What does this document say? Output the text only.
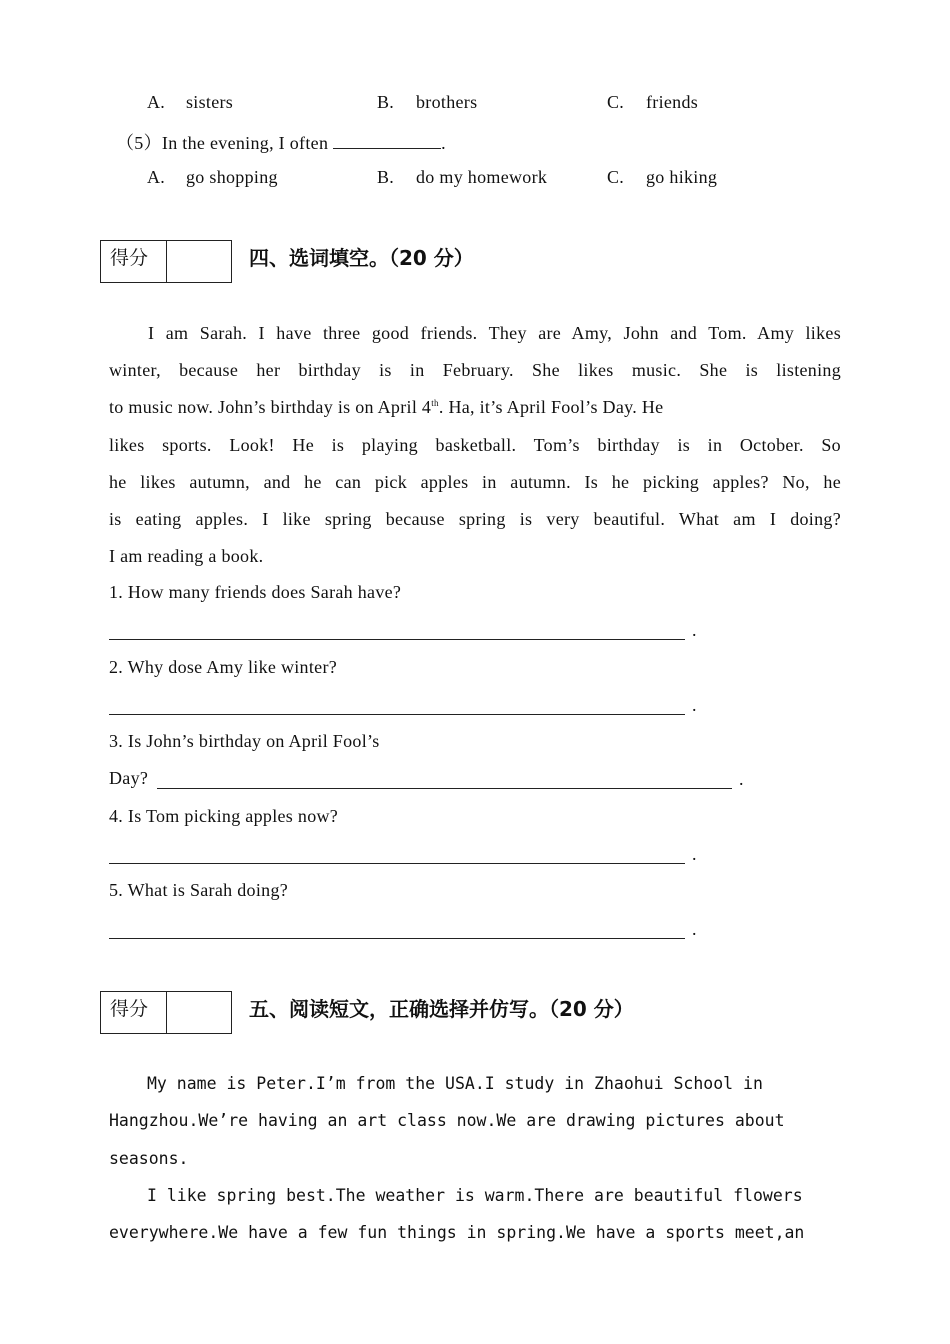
A. sisters	B. brothers	C. friends
（5）In the evening, I often	.
A. go shopping	B. do my homework	C. go hiking
得分	四、选词填空。（20 分）
I am Sarah. I have three good friends. They are Amy, John and Tom. Amy likes
winter, because her birthday is in February. She likes music. She is listening
to music now. John’s birthday is on April 4th. Ha, it’s April Fool’s Day. He
likes sports. Look! He is playing basketball. Tom’s birthday is in October. So
he likes autumn, and he can pick apples in autumn. Is he picking apples? No, he
is eating apples. I like spring because spring is very beautiful. What am I doing?
I am reading a book.
1. How many friends does Sarah have?
.
2. Why dose Amy like winter?
.
3. Is John’s birthday on April Fool’s
Day?	.
4. Is Tom picking apples now?
.
5. What is Sarah doing?
.
得分	五、阅读短文，正确选择并仿写。（20 分）
My name is Peter.I’m from the USA.I study in Zhaohui School in
Hangzhou.We’re having an art class now.We are drawing pictures about
seasons.
I like spring best.The weather is warm.There are beautiful flowers
everywhere.We have a few fun things in spring.We have a sports meet,an
